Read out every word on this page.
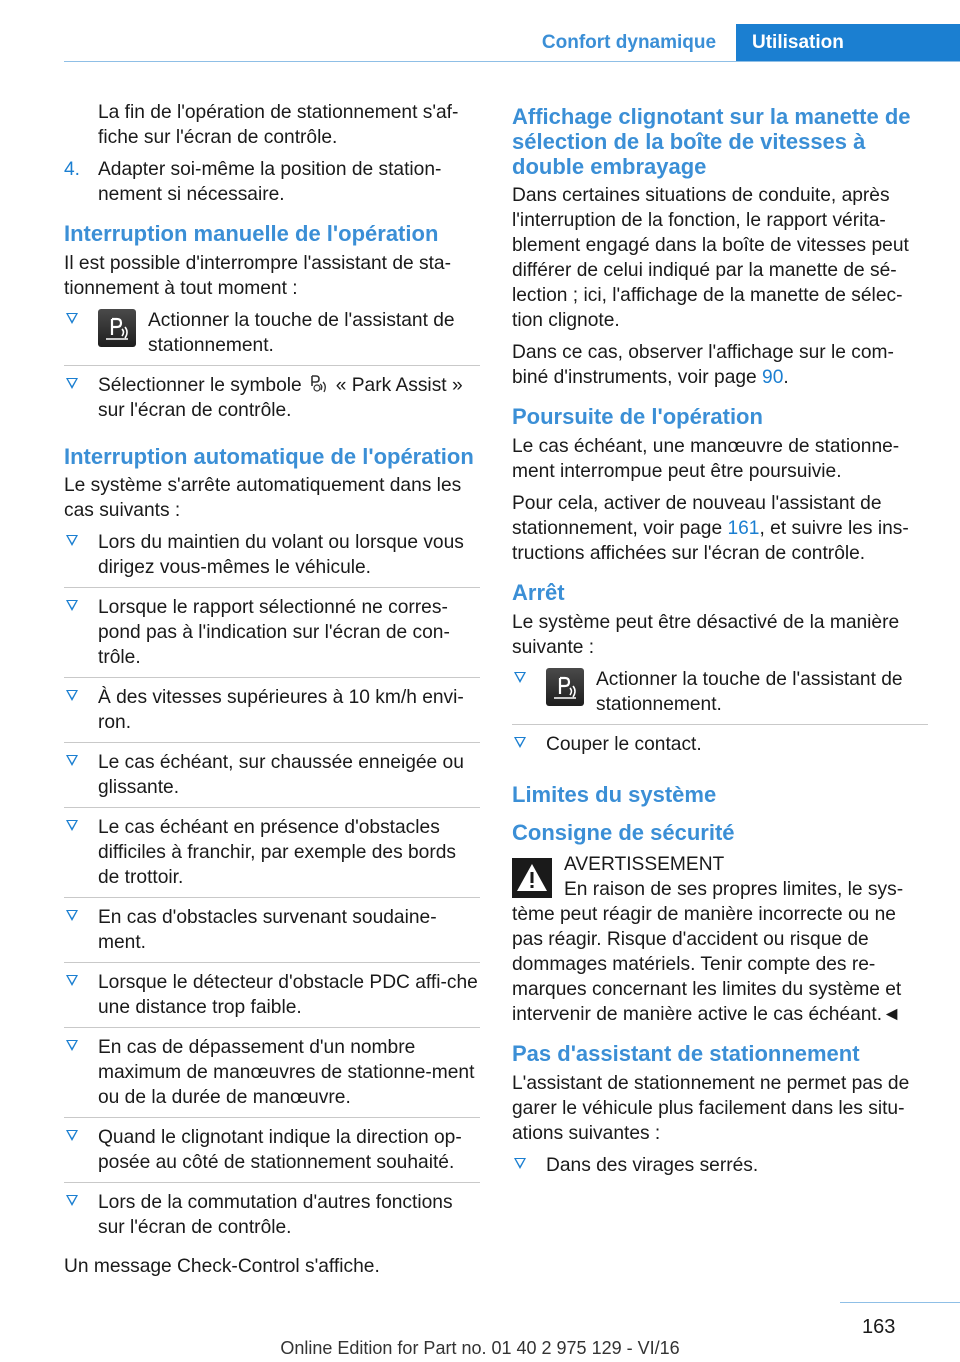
Confort dynamique	Utilisation

La fin de l'opération de stationnement s'af-fiche sur l'écran de contrôle.

4. Adapter soi-même la position de station-nement si nécessaire.
Interruption manuelle de l'opération

Il est possible d'interrompre l'assistant de sta-tionnement à tout moment :

Actionner la touche de l'assistant de stationnement.
Sélectionner le symbole « Park Assist » sur l'écran de contrôle.
Interruption automatique de l'opération

Le système s'arrête automatiquement dans les cas suivants :

Lors du maintien du volant ou lorsque vous dirigez vous-mêmes le véhicule.
Lorsque le rapport sélectionné ne corres-pond pas à l'indication sur l'écran de con-trôle.
À des vitesses supérieures à 10 km/h envi-ron.
Le cas échéant, sur chaussée enneigée ou glissante.
Le cas échéant en présence d'obstacles difficiles à franchir, par exemple des bords de trottoir.
En cas d'obstacles survenant soudaine-ment.
Lorsque le détecteur d'obstacle PDC affi-che une distance trop faible.
En cas de dépassement d'un nombre maximum de manœuvres de stationne-ment ou de la durée de manœuvre.
Quand le clignotant indique la direction op-posée au côté de stationnement souhaité.
Lors de la commutation d'autres fonctions sur l'écran de contrôle.

Un message Check-Control s'affiche.

Affichage clignotant sur la manette de sélection de la boîte de vitesses à double embrayage

Dans certaines situations de conduite, après l'interruption de la fonction, le rapport vérita-blement engagé dans la boîte de vitesses peut différer de celui indiqué par la manette de sé-lection ; ici, l'affichage de la manette de sélec-tion clignote.

Dans ce cas, observer l'affichage sur le com-biné d'instruments, voir page 90.

Poursuite de l'opération

Le cas échéant, une manœuvre de stationne-ment interrompue peut être poursuivie.

Pour cela, activer de nouveau l'assistant de stationnement, voir page 161, et suivre les ins-tructions affichées sur l'écran de contrôle.

Arrêt

Le système peut être désactivé de la manière suivante :

Actionner la touche de l'assistant de stationnement.
Couper le contact.
Limites du système
Consigne de sécurité

AVERTISSEMENT

En raison de ses propres limites, le sys-tème peut réagir de manière incorrecte ou ne pas réagir. Risque d'accident ou risque de dommages matériels. Tenir compte des re-marques concernant les limites du système et intervenir de manière active le cas échéant.◄

Pas d'assistant de stationnement

L'assistant de stationnement ne permet pas de garer le véhicule plus facilement dans les situ-ations suivantes :

Dans des virages serrés.
163
Online Edition for Part no. 01 40 2 975 129 - VI/16
